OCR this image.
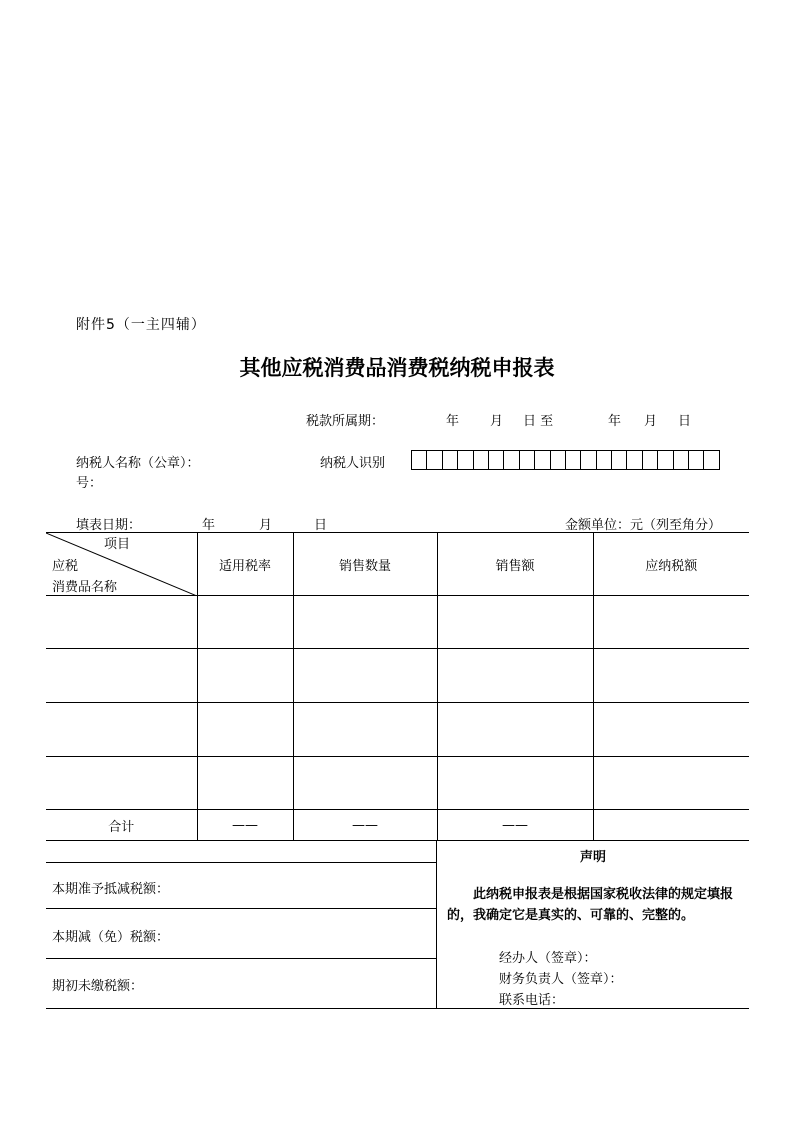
附件5（一主四辅）
其他应税消费品消费税纳税申报表
税款所属期：	年 月 日 至	年 月 日
纳税人名称（公章）：
号：
纳税人识别
填表日期：	年	月	日	金额单位：元（列至角分）
项目
应税
消费品名称	适用税率	销售数量	销售额	应纳税额

合计	——	——	——	
本期准予抵减税额：
本期减（免）税额：
期初未缴税额：
声明
此纳税申报表是根据国家税收法律的规定填报的，我确定它是真实的、可靠的、完整的。
经办人（签章）：
财务负责人（签章）：
联系电话：
